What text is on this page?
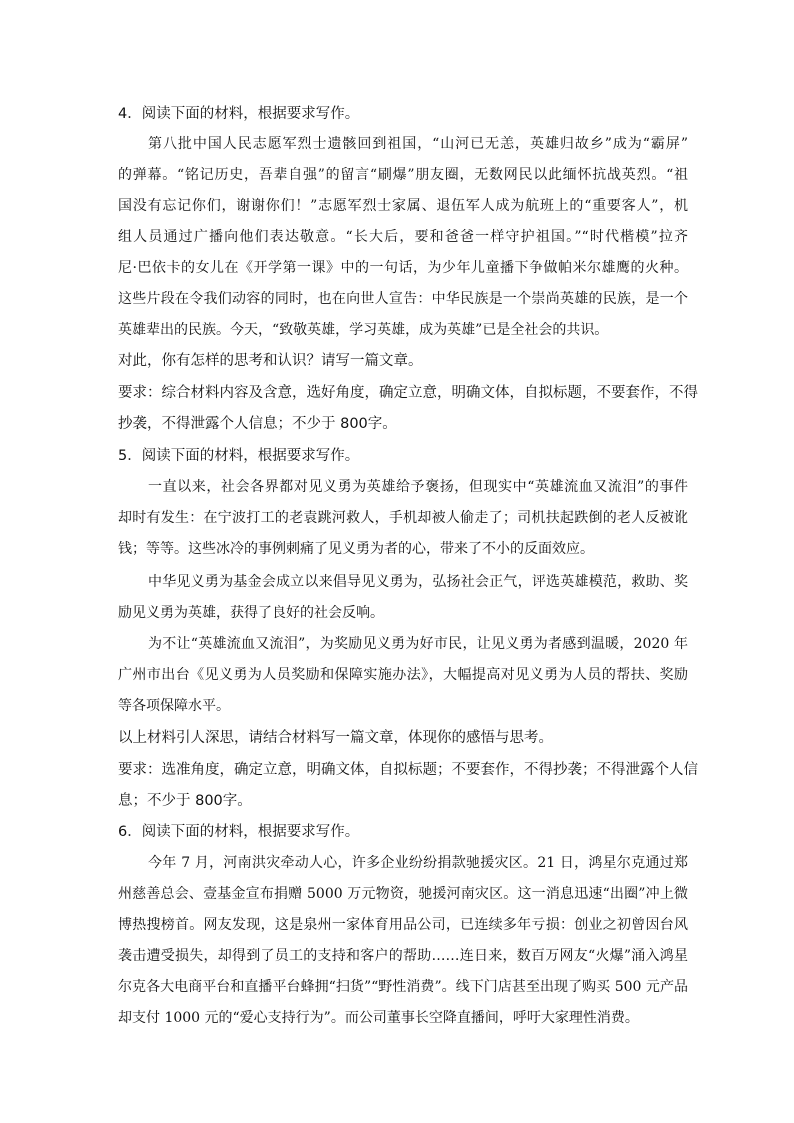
4．阅读下面的材料，根据要求写作。
第八批中国人民志愿军烈士遗骸回到祖国，“山河已无恙，英雄归故乡”成为“霸屏”
的弹幕。“铭记历史，吾辈自强”的留言“刷爆”朋友圈，无数网民以此缅怀抗战英烈。“祖
国没有忘记你们，谢谢你们！”志愿军烈士家属、退伍军人成为航班上的“重要客人”，机
组人员通过广播向他们表达敬意。“长大后，要和爸爸一样守护祖国。”“时代楷模”拉齐
尼·巴依卡的女儿在《开学第一课》中的一句话，为少年儿童播下争做帕米尔雄鹰的火种。
这些片段在令我们动容的同时，也在向世人宣告：中华民族是一个崇尚英雄的民族，是一个
英雄辈出的民族。今天，“致敬英雄，学习英雄，成为英雄”已是全社会的共识。
对此，你有怎样的思考和认识？请写一篇文章。
要求：综合材料内容及含意，选好角度，确定立意，明确文体，自拟标题，不要套作，不得
抄袭，不得泄露个人信息；不少于 800字。
5．阅读下面的材料，根据要求写作。
一直以来，社会各界都对见义勇为英雄给予褒扬，但现实中“英雄流血又流泪”的事件
却时有发生：在宁波打工的老袁跳河救人，手机却被人偷走了；司机扶起跌倒的老人反被讹
钱；等等。这些冰冷的事例刺痛了见义勇为者的心，带来了不小的反面效应。
中华见义勇为基金会成立以来倡导见义勇为，弘扬社会正气，评选英雄模范，救助、奖
励见义勇为英雄，获得了良好的社会反响。
为不让“英雄流血又流泪”，为奖励见义勇为好市民，让见义勇为者感到温暖，2020 年
广州市出台《见义勇为人员奖励和保障实施办法》，大幅提高对见义勇为人员的帮扶、奖励
等各项保障水平。
以上材料引人深思，请结合材料写一篇文章，体现你的感悟与思考。
要求：选准角度，确定立意，明确文体，自拟标题；不要套作，不得抄袭；不得泄露个人信
息；不少于 800字。
6．阅读下面的材料，根据要求写作。
今年 7 月，河南洪灾牵动人心，许多企业纷纷捐款驰援灾区。21 日，鸿星尔克通过郑
州慈善总会、壹基金宣布捐赠 5000 万元物资，驰援河南灾区。这一消息迅速“出圈”冲上微
博热搜榜首。网友发现，这是泉州一家体育用品公司，已连续多年亏损：创业之初曾因台风
袭击遭受损失，却得到了员工的支持和客户的帮助……连日来，数百万网友“火爆”涌入鸿星
尔克各大电商平台和直播平台蜂拥“扫货”“野性消费”。线下门店甚至出现了购买 500 元产品
却支付 1000 元的“爱心支持行为”。而公司董事长空降直播间，呼吁大家理性消费。
